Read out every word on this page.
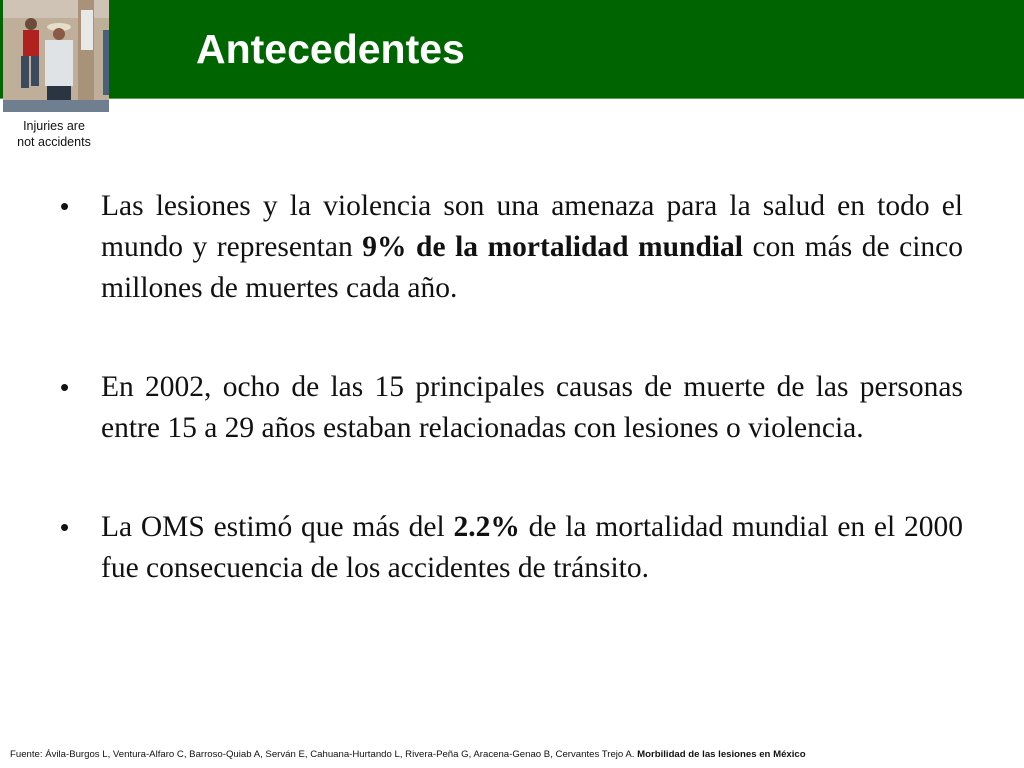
Injuries are
not accidents
Antecedentes
• Las lesiones y la violencia son una amenaza para la salud en todo el mundo y representan 9% de la mortalidad mundial con más de cinco millones de muertes cada año.
• En 2002, ocho de las 15 principales causas de muerte de las personas entre 15 a 29 años estaban relacionadas con lesiones o violencia.
• La OMS estimó que más del 2.2% de la mortalidad mundial en el 2000 fue consecuencia de los accidentes de tránsito.
Fuente: Ávila-Burgos L, Ventura-Alfaro C, Barroso-Quiab A, Serván E, Cahuana-Hurtando L, Rivera-Peña G, Aracena-Genao B, Cervantes Trejo A. Morbilidad de las lesiones en México
